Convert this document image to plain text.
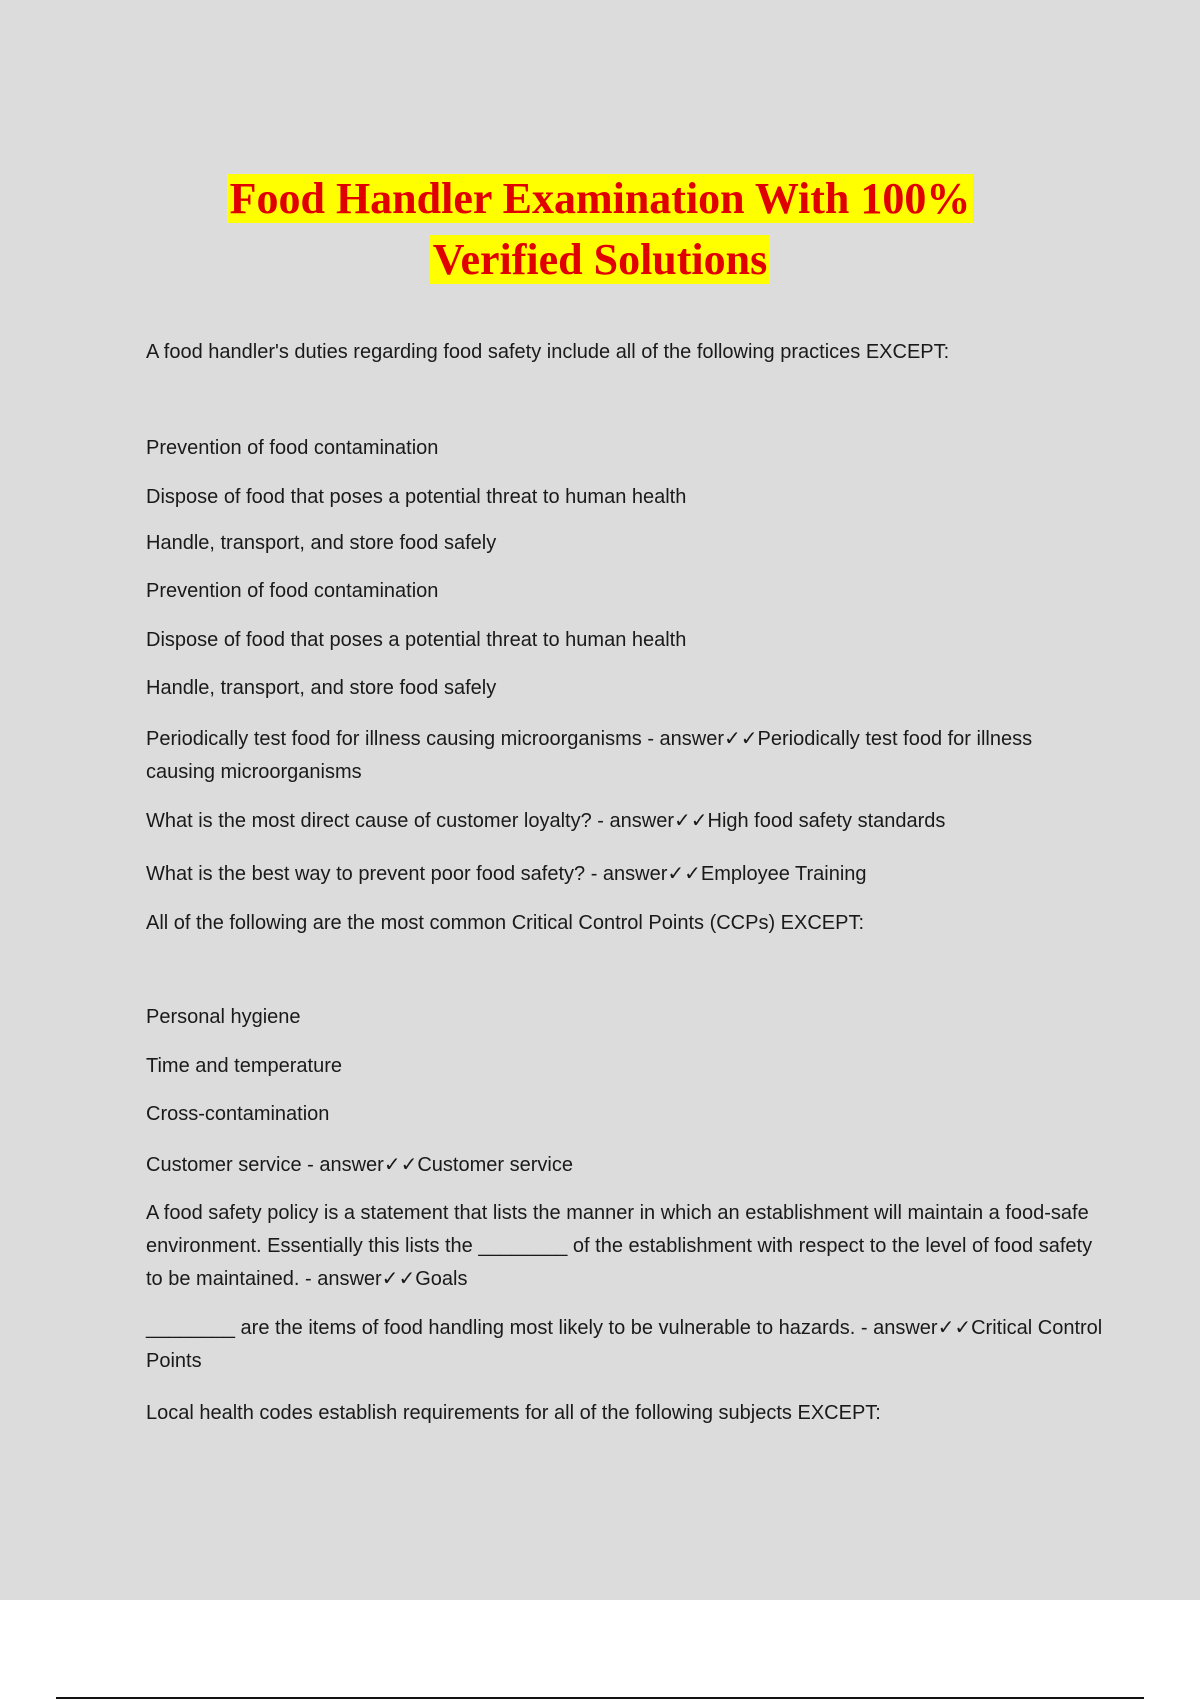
Food Handler Examination With 100%
Verified Solutions

A food handler's duties regarding food safety include all of the following practices EXCEPT:

Prevention of food contamination

Dispose of food that poses a potential threat to human health

Handle, transport, and store food safely

Prevention of food contamination

Dispose of food that poses a potential threat to human health

Handle, transport, and store food safely

Periodically test food for illness causing microorganisms - answer✓✓Periodically test food for illness causing microorganisms

What is the most direct cause of customer loyalty? - answer✓✓High food safety standards

What is the best way to prevent poor food safety? - answer✓✓Employee Training

All of the following are the most common Critical Control Points (CCPs) EXCEPT:

Personal hygiene

Time and temperature

Cross-contamination

Customer service - answer✓✓Customer service

A food safety policy is a statement that lists the manner in which an establishment will maintain a food-safe environment. Essentially this lists the ________ of the establishment with respect to the level of food safety to be maintained. - answer✓✓Goals

________ are the items of food handling most likely to be vulnerable to hazards. - answer✓✓Critical Control Points

Local health codes establish requirements for all of the following subjects EXCEPT:
